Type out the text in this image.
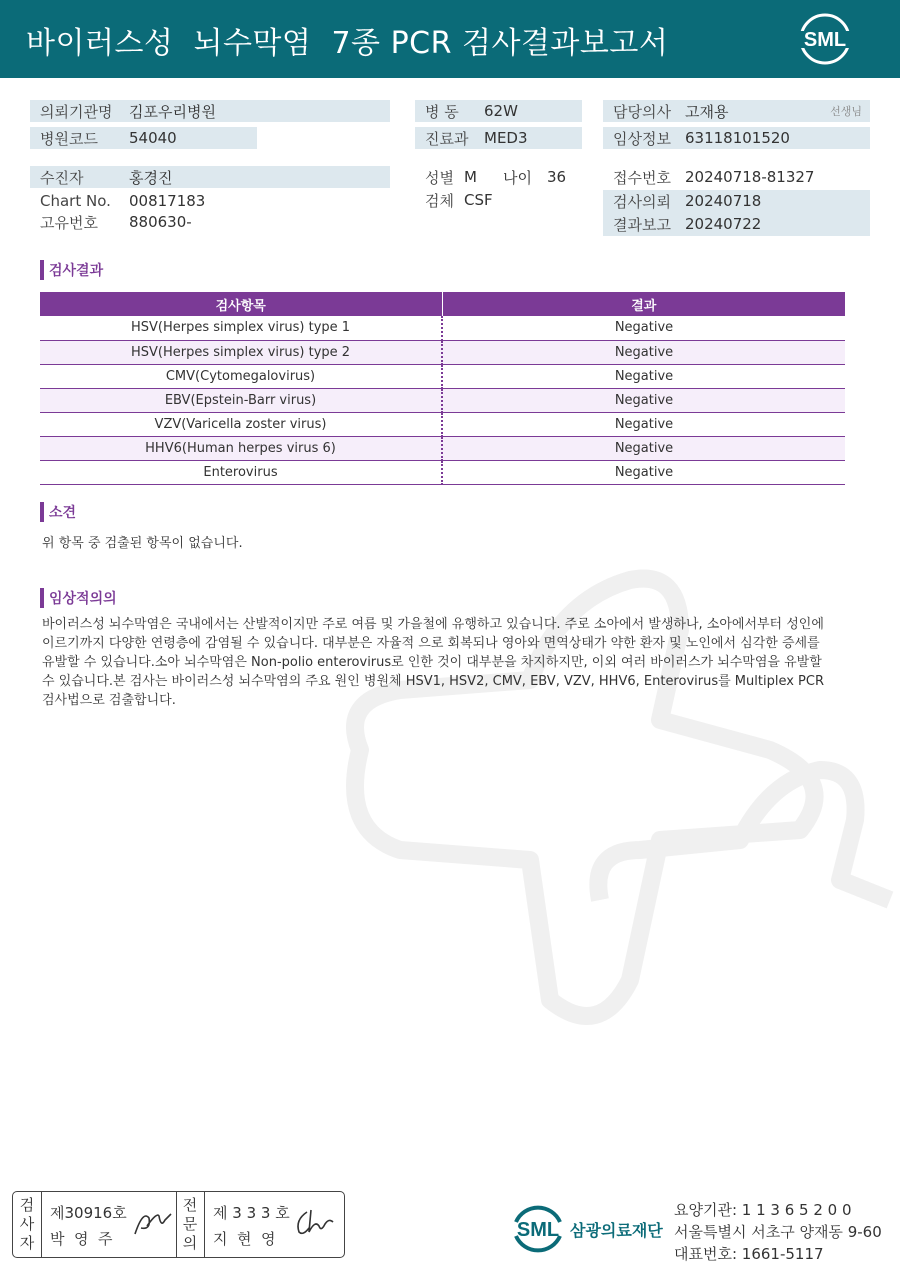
바이러스성  뇌수막염  7종 PCR 검사결과보고서	SML
의뢰기관명 김포우리병원
병원코드 54040
수진자	홍경진
Chart No. 00817183
고유번호 880630-
병 동 62W
진료과 MED3
성별 M 나이 36
검체 CSF
담당의사 고재용	선생님
임상정보 63118101520
접수번호 20240718-81327
검사의뢰 20240718
결과보고 20240722
검사결과
검사항목	결과
HSV(Herpes simplex virus) type 1	Negative
HSV(Herpes simplex virus) type 2	Negative
CMV(Cytomegalovirus)	Negative
EBV(Epstein-Barr virus)	Negative
VZV(Varicella zoster virus)	Negative
HHV6(Human herpes virus 6)	Negative
Enterovirus	Negative
소견
위 항목 중 검출된 항목이 없습니다.
임상적의의
바이러스성 뇌수막염은 국내에서는 산발적이지만 주로 여름 및 가을철에 유행하고 있습니다. 주로 소아에서 발생하나, 소아에서부터 성인에 이르기까지 다양한 연령층에 감염될 수 있습니다. 대부분은 자율적 으로 회복되나 영아와 면역상태가 약한 환자 및 노인에서 심각한 증세를 유발할 수 있습니다.소아 뇌수막염은 Non-polio enterovirus로 인한 것이 대부분을 차지하지만, 이외 여러 바이러스가 뇌수막염을 유발할 수 있습니다.본 검사는 바이러스성 뇌수막염의 주요 원인 병원체 HSV1, HSV2, CMV, EBV, VZV, HHV6, Enterovirus를 Multiplex PCR 검사법으로 검출합니다.
검
사
자
제30916호
박  영  주
전
문
의
제 3 3 3 호
지  현  영	SML 삼광의료재단
요양기관: 1 1 3 6 5 2 0 0
서울특별시 서초구 양재동 9-60
대표번호: 1661-5117
